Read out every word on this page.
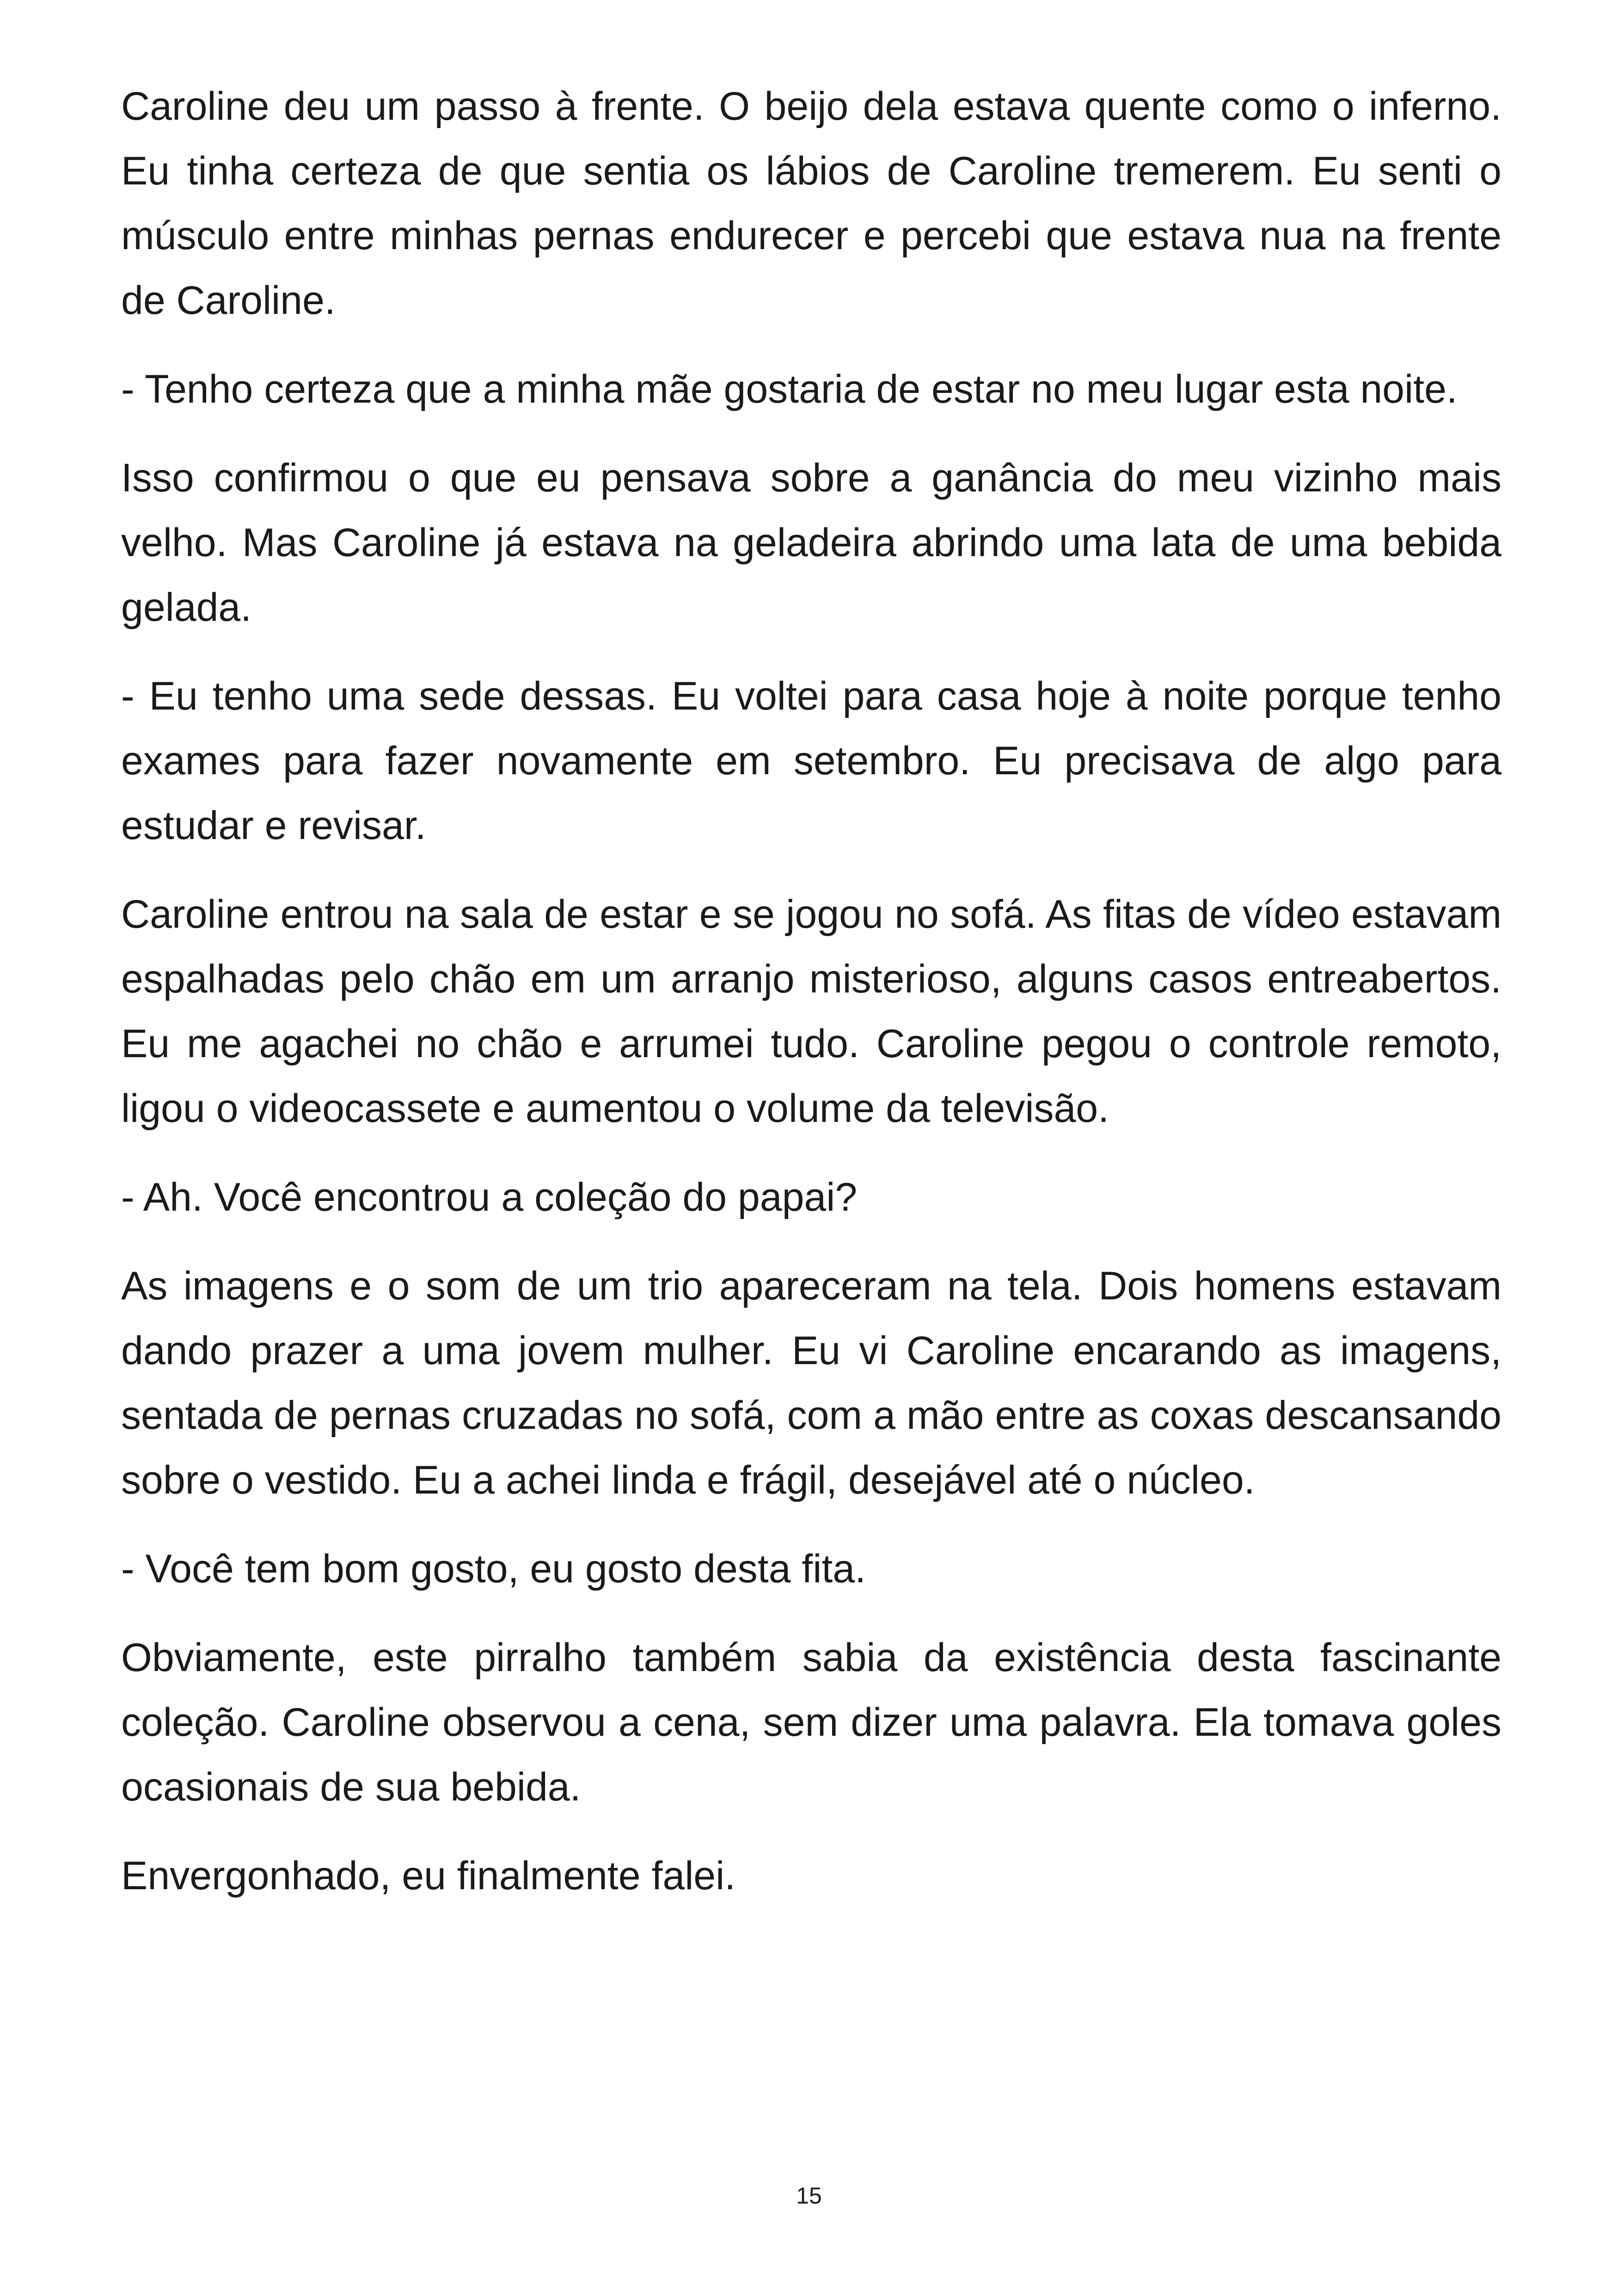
Caroline deu um passo à frente. O beijo dela estava quente como o inferno. Eu tinha certeza de que sentia os lábios de Caroline tremerem. Eu senti o músculo entre minhas pernas endurecer e percebi que estava nua na frente de Caroline.

- Tenho certeza que a minha mãe gostaria de estar no meu lugar esta noite.

Isso confirmou o que eu pensava sobre a ganância do meu vizinho mais velho. Mas Caroline já estava na geladeira abrindo uma lata de uma bebida gelada.

- Eu tenho uma sede dessas. Eu voltei para casa hoje à noite porque tenho exames para fazer novamente em setembro. Eu precisava de algo para estudar e revisar.

Caroline entrou na sala de estar e se jogou no sofá. As fitas de vídeo estavam espalhadas pelo chão em um arranjo misterioso, alguns casos entreabertos. Eu me agachei no chão e arrumei tudo. Caroline pegou o controle remoto, ligou o videocassete e aumentou o volume da televisão.

- Ah. Você encontrou a coleção do papai?

As imagens e o som de um trio apareceram na tela. Dois homens estavam dando prazer a uma jovem mulher. Eu vi Caroline encarando as imagens, sentada de pernas cruzadas no sofá, com a mão entre as coxas descansando sobre o vestido. Eu a achei linda e frágil, desejável até o núcleo.

- Você tem bom gosto, eu gosto desta fita.

Obviamente, este pirralho também sabia da existência desta fascinante coleção. Caroline observou a cena, sem dizer uma palavra. Ela tomava goles ocasionais de sua bebida.

Envergonhado, eu finalmente falei.

15
